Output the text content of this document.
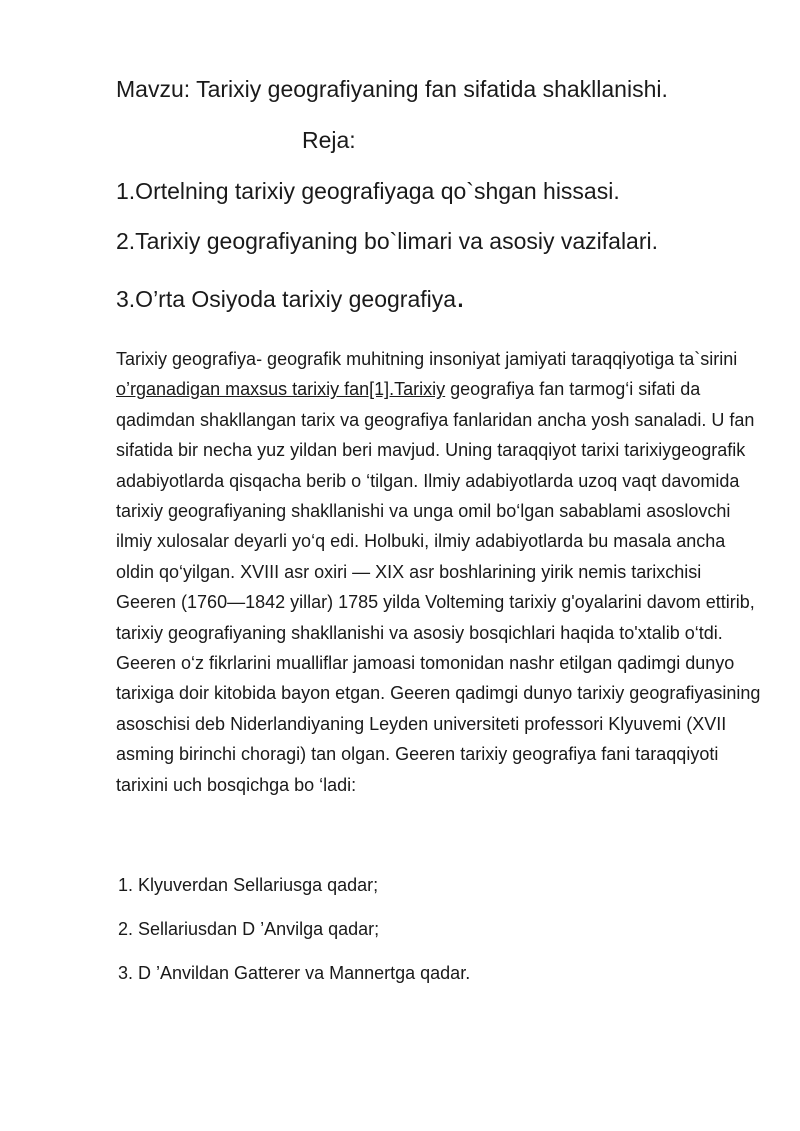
Mavzu: Tarixiy geografiyaning fan sifatida shakllanishi.

Reja:

1.Ortelning tarixiy geografiyaga qo`shgan hissasi.

2.Tarixiy geografiyaning bo`limari va asosiy vazifalari.

3.O’rta Osiyoda tarixiy geografiya.

Tarixiy geografiya- geografik muhitning insoniyat jamiyati taraqqiyotiga ta`sirini o’rganadigan maxsus tarixiy fan[1].Tarixiy geografiya fan tarmog‘i sifati da qadimdan shakllangan tarix va geografiya fanlaridan ancha yosh sanaladi. U fan sifatida bir necha yuz yildan beri mavjud. Uning taraqqiyot tarixi tarixiygeografik adabiyotlarda qisqacha berib o ‘tilgan. Ilmiy adabiyotlarda uzoq vaqt davomida tarixiy geografiyaning shakllanishi va unga omil bo‘lgan sabablami asoslovchi ilmiy xulosalar deyarli yo‘q edi. Holbuki, ilmiy adabiyotlarda bu masala ancha oldin qo‘yilgan. XVIII asr oxiri — XIX asr boshlarining yirik nemis tarixchisi Geeren (1760—1842 yillar) 1785 yilda Volteming tarixiy g'oyalarini davom ettirib, tarixiy geografiyaning shakllanishi va asosiy bosqichlari haqida to'xtalib o‘tdi. Geeren o‘z fikrlarini mualliflar jamoasi tomonidan nashr etilgan qadimgi dunyo tarixiga doir kitobida bayon etgan. Geeren qadimgi dunyo tarixiy geografiyasining asoschisi deb Niderlandiyaning Leyden universiteti professori Klyuvemi (XVII asming birinchi choragi) tan olgan. Geeren tarixiy geografiya fani taraqqiyoti tarixini uch bosqichga bo ‘ladi:

1. Klyuverdan Sellariusga qadar;

2. Sellariusdan D ’Anvilga qadar;

3. D ’Anvildan Gatterer va Mannertga qadar.
